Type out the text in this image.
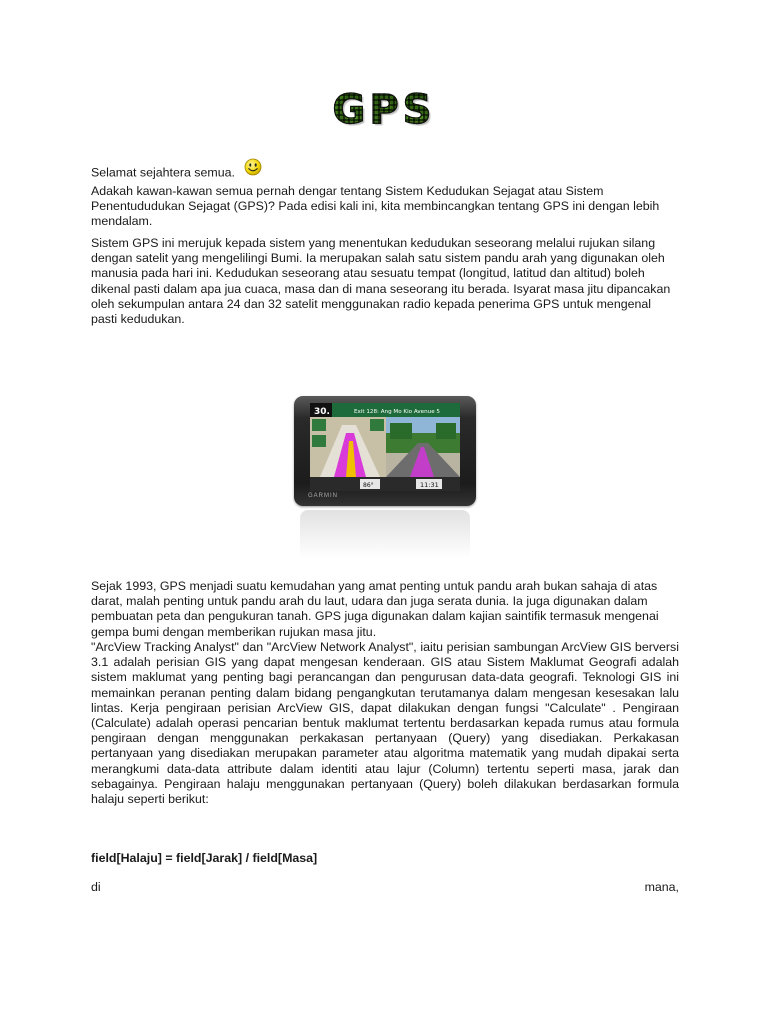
GPS

Selamat sejahtera semua.

Adakah kawan-kawan semua pernah dengar tentang Sistem Kedudukan Sejagat atau Sistem Penentududukan Sejagat (GPS)? Pada edisi kali ini, kita membincangkan tentang GPS ini dengan lebih mendalam.

Sistem GPS ini merujuk kepada sistem yang menentukan kedudukan seseorang melalui rujukan silang dengan satelit yang mengelilingi Bumi. Ia merupakan salah satu sistem pandu arah yang digunakan oleh manusia pada hari ini. Kedudukan seseorang atau sesuatu tempat (longitud, latitud dan altitud) boleh dikenal pasti dalam apa jua cuaca, masa dan di mana seseorang itu berada. Isyarat masa jitu dipancakan oleh sekumpulan antara 24 dan 32 satelit menggunakan radio kepada penerima GPS untuk mengenal pasti kedudukan.

30.	Exit 128: Ang Mo Kio Avenue 5
86°	11:31
GARMIN

Sejak 1993, GPS menjadi suatu kemudahan yang amat penting untuk pandu arah bukan sahaja di atas darat, malah penting untuk pandu arah du laut, udara dan juga serata dunia. Ia juga digunakan dalam pembuatan peta dan pengukuran tanah. GPS juga digunakan dalam kajian saintifik termasuk mengenai gempa bumi dengan memberikan rujukan masa jitu.

"ArcView Tracking Analyst" dan "ArcView Network Analyst", iaitu perisian sambungan ArcView GIS berversi 3.1 adalah perisian GIS yang dapat mengesan kenderaan. GIS atau Sistem Maklumat Geografi adalah sistem maklumat yang penting bagi perancangan dan pengurusan data-data geografi. Teknologi GIS ini memainkan peranan penting dalam bidang pengangkutan terutamanya dalam mengesan kesesakan lalu lintas. Kerja pengiraan perisian ArcView GIS, dapat dilakukan dengan fungsi "Calculate" . Pengiraan (Calculate) adalah operasi pencarian bentuk maklumat tertentu berdasarkan kepada rumus atau formula pengiraan dengan menggunakan perkakasan pertanyaan (Query) yang disediakan. Perkakasan pertanyaan yang disediakan merupakan parameter atau algoritma matematik yang mudah dipakai serta merangkumi data-data attribute dalam identiti atau lajur (Column) tertentu seperti masa, jarak dan sebagainya. Pengiraan halaju menggunakan pertanyaan (Query) boleh dilakukan berdasarkan formula halaju seperti berikut:

field[Halaju] = field[Jarak] / field[Masa]
di	mana,
